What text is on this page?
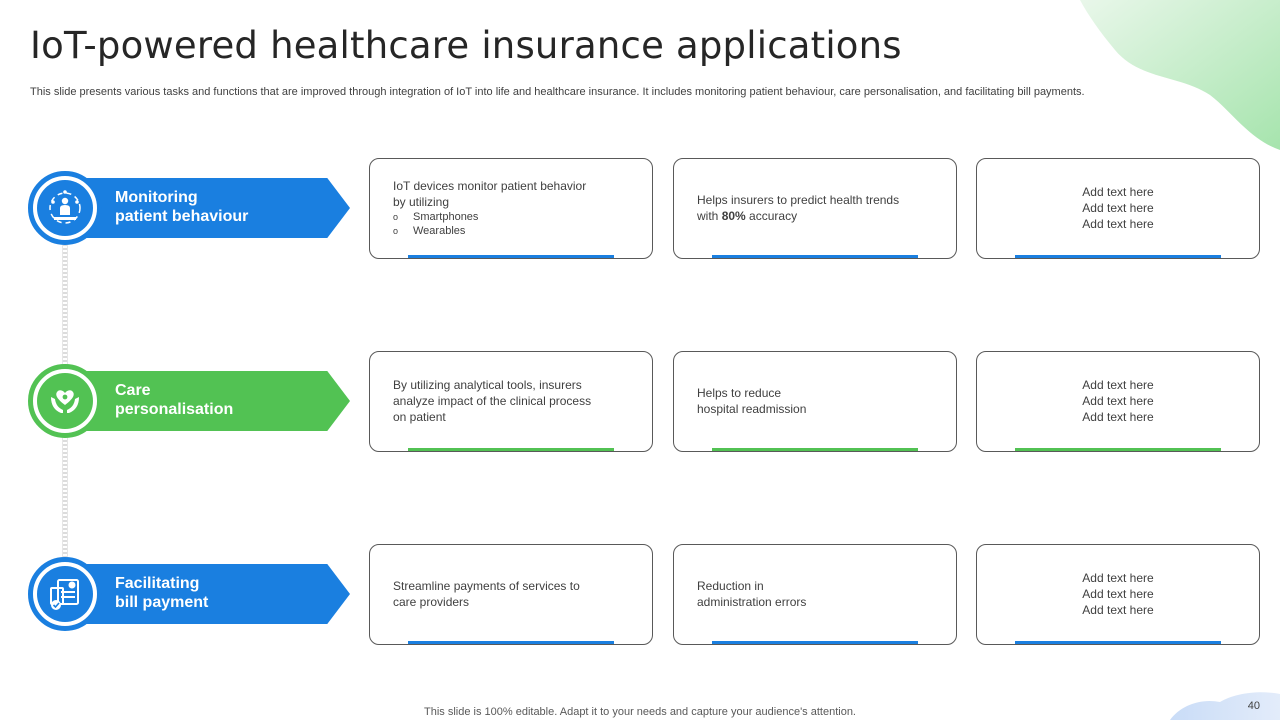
IoT-powered healthcare insurance applications

This slide presents various tasks and functions that are improved through integration of IoT into life and healthcare insurance. It includes monitoring patient behaviour, care personalisation, and facilitating bill payments.

Monitoring
patient behaviour
IoT devices monitor patient behavior
by utilizing
o	Smartphones
o	Wearables
Helps insurers to predict health trends
with 80% accuracy
Add text here
Add text here
Add text here
Care
personalisation
By utilizing analytical tools, insurers
analyze impact of the clinical process
on patient
Helps to reduce
hospital readmission
Add text here
Add text here
Add text here
Facilitating
bill payment
Streamline payments of services to
care providers
Reduction in
administration errors
Add text here
Add text here
Add text here
This slide is 100% editable. Adapt it to your needs and capture your audience's attention.	40
